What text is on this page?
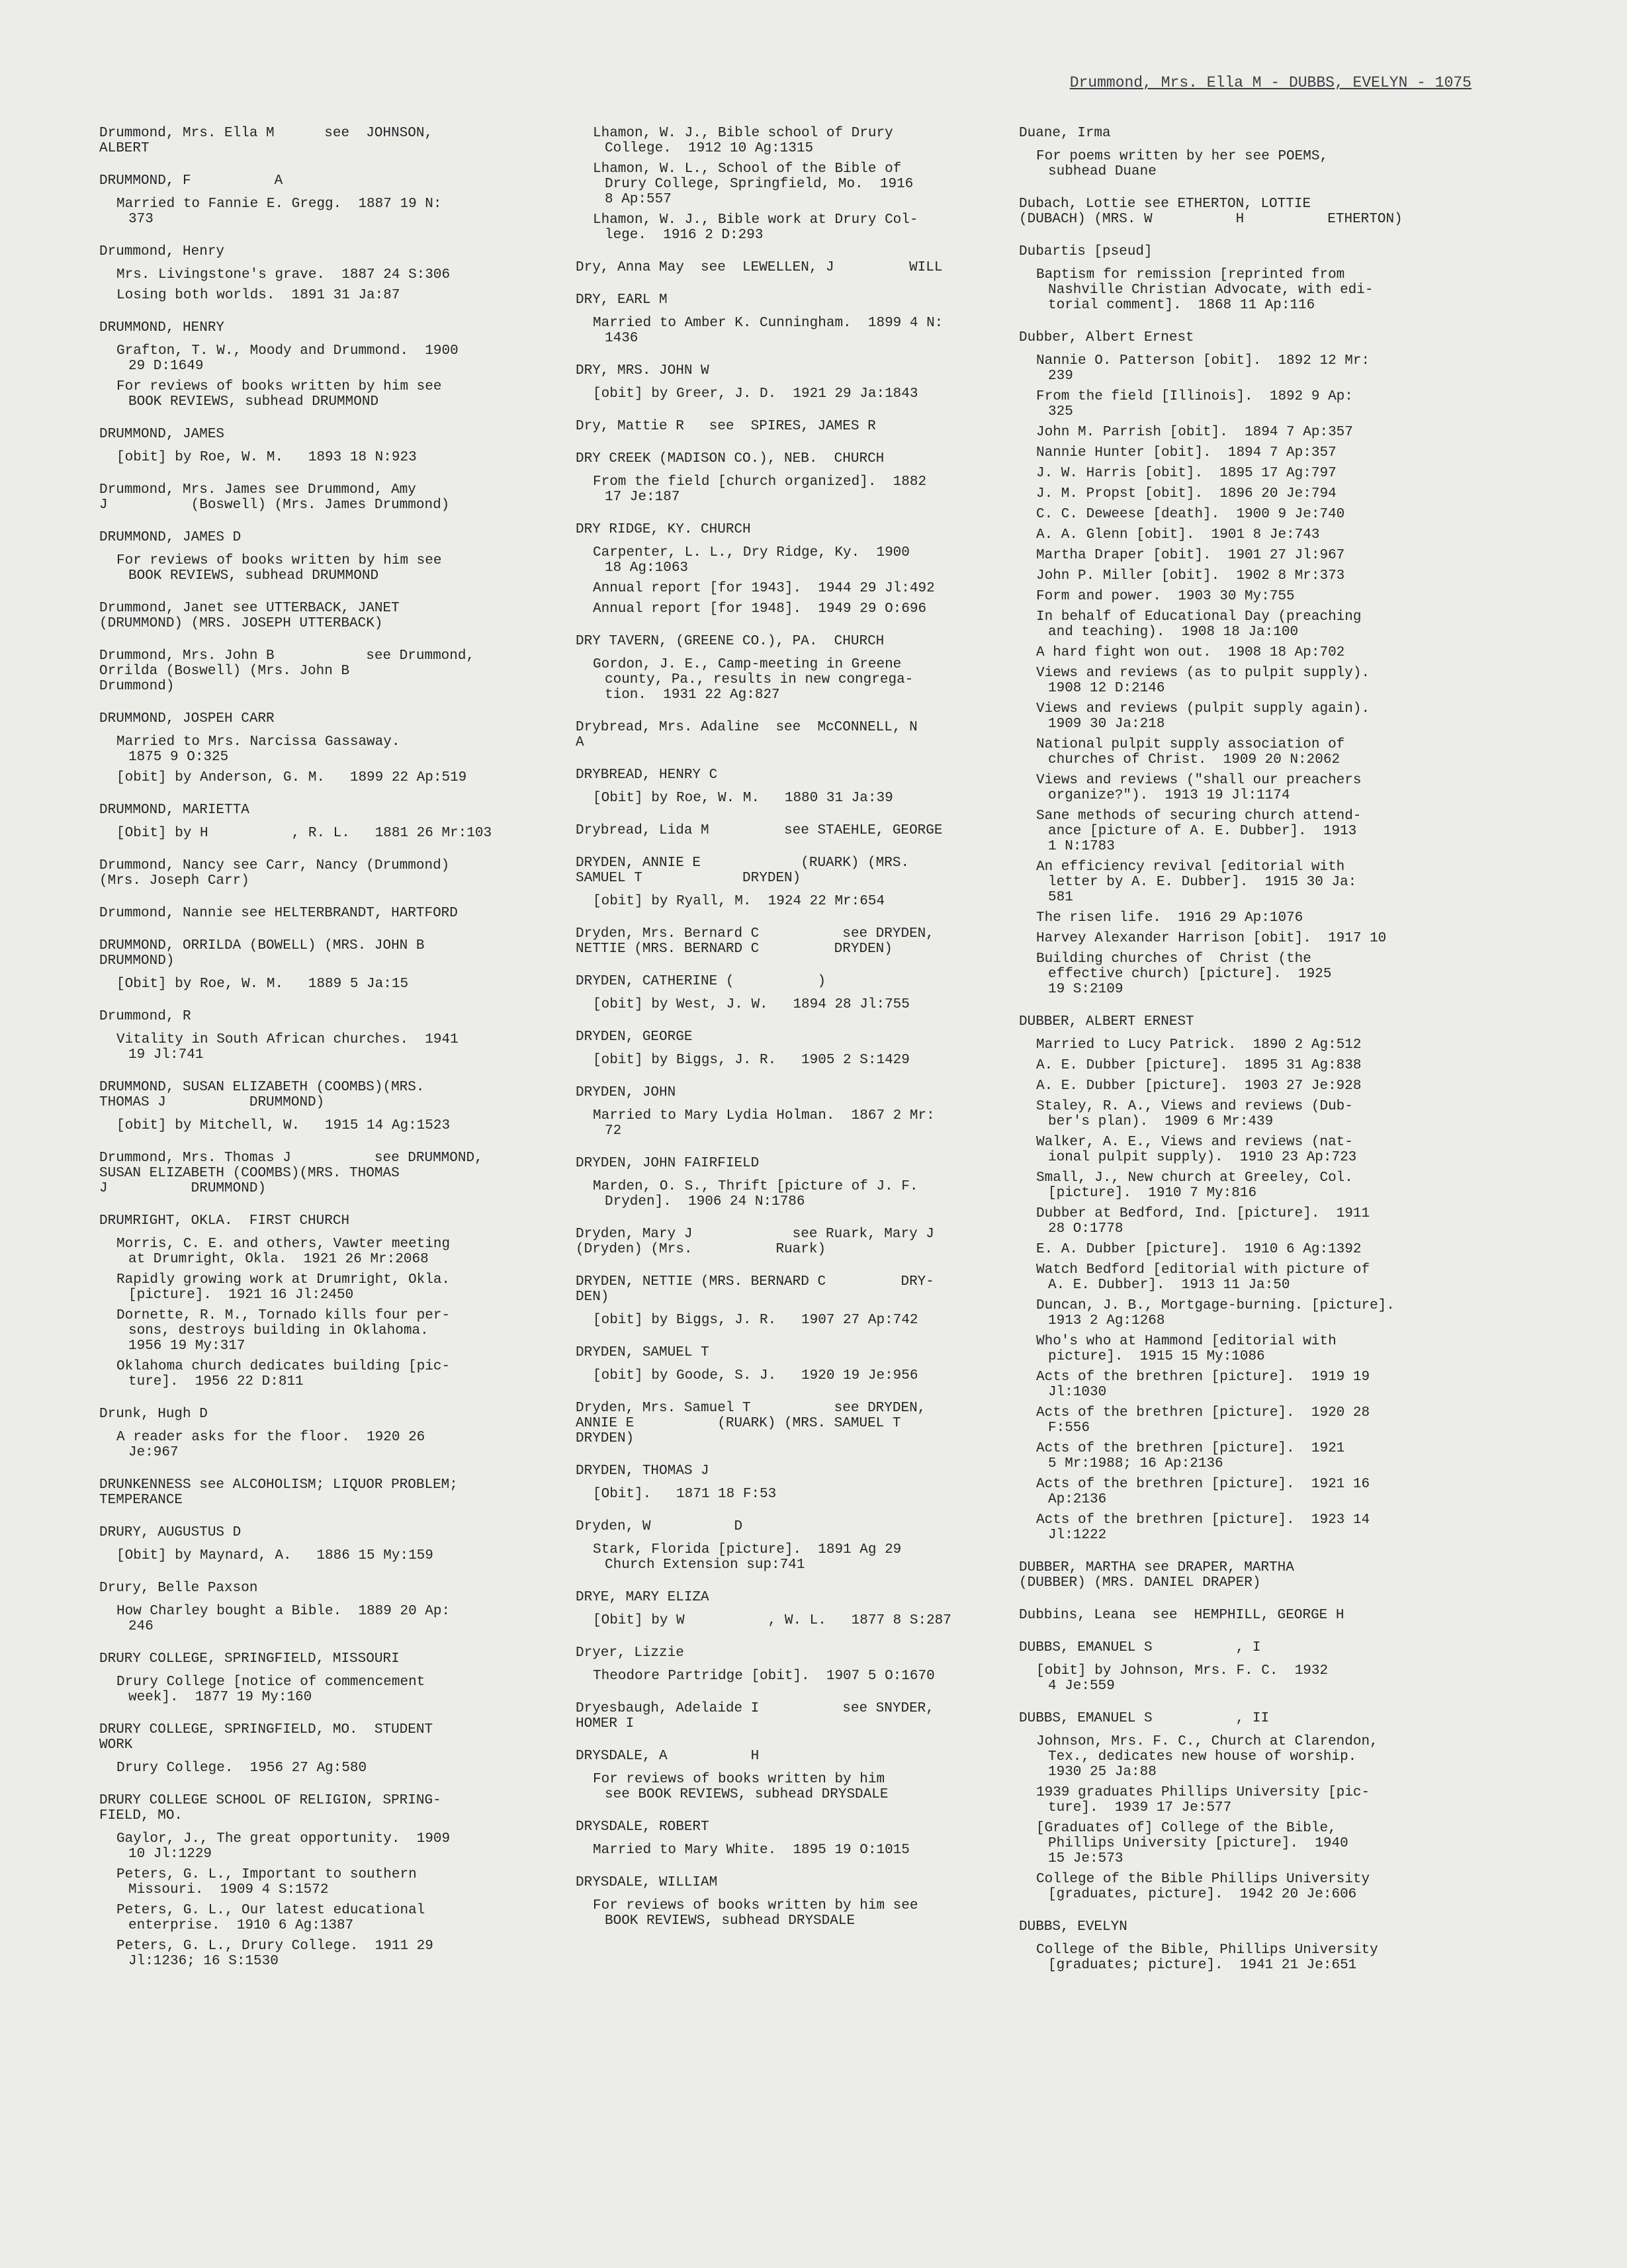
Drummond, Mrs. Ella M - DUBBS, EVELYN - 1075
Drummond, Mrs. Ella M      see  JOHNSON,
ALBERT
DRUMMOND, F          A
Married to Fannie E. Gregg.  1887 19 N:
373
Drummond, Henry
Mrs. Livingstone's grave.  1887 24 S:306
Losing both worlds.  1891 31 Ja:87
DRUMMOND, HENRY
Grafton, T. W., Moody and Drummond.  1900
29 D:1649
For reviews of books written by him see
BOOK REVIEWS, subhead DRUMMOND
DRUMMOND, JAMES
[obit] by Roe, W. M.   1893 18 N:923
Drummond, Mrs. James see Drummond, Amy
J          (Boswell) (Mrs. James Drummond)
DRUMMOND, JAMES D
For reviews of books written by him see
BOOK REVIEWS, subhead DRUMMOND
Drummond, Janet see UTTERBACK, JANET
(DRUMMOND) (MRS. JOSEPH UTTERBACK)
Drummond, Mrs. John B           see Drummond,
Orrilda (Boswell) (Mrs. John B
Drummond)
DRUMMOND, JOSPEH CARR
Married to Mrs. Narcissa Gassaway.
1875 9 O:325
[obit] by Anderson, G. M.   1899 22 Ap:519
DRUMMOND, MARIETTA
[Obit] by H          , R. L.   1881 26 Mr:103
Drummond, Nancy see Carr, Nancy (Drummond)
(Mrs. Joseph Carr)
Drummond, Nannie see HELTERBRANDT, HARTFORD
DRUMMOND, ORRILDA (BOWELL) (MRS. JOHN B
DRUMMOND)
[Obit] by Roe, W. M.   1889 5 Ja:15
Drummond, R
Vitality in South African churches.  1941
19 Jl:741
DRUMMOND, SUSAN ELIZABETH (COOMBS)(MRS.
THOMAS J          DRUMMOND)
[obit] by Mitchell, W.   1915 14 Ag:1523
Drummond, Mrs. Thomas J          see DRUMMOND,
SUSAN ELIZABETH (COOMBS)(MRS. THOMAS
J          DRUMMOND)
DRUMRIGHT, OKLA.  FIRST CHURCH
Morris, C. E. and others, Vawter meeting
at Drumright, Okla.  1921 26 Mr:2068
Rapidly growing work at Drumright, Okla.
[picture].  1921 16 Jl:2450
Dornette, R. M., Tornado kills four per-
sons, destroys building in Oklahoma.
1956 19 My:317
Oklahoma church dedicates building [pic-
ture].  1956 22 D:811
Drunk, Hugh D
A reader asks for the floor.  1920 26
Je:967
DRUNKENNESS see ALCOHOLISM; LIQUOR PROBLEM;
TEMPERANCE
DRURY, AUGUSTUS D
[Obit] by Maynard, A.   1886 15 My:159
Drury, Belle Paxson
How Charley bought a Bible.  1889 20 Ap:
246
DRURY COLLEGE, SPRINGFIELD, MISSOURI
Drury College [notice of commencement
week].  1877 19 My:160
DRURY COLLEGE, SPRINGFIELD, MO.  STUDENT
WORK
Drury College.  1956 27 Ag:580
DRURY COLLEGE SCHOOL OF RELIGION, SPRING-
FIELD, MO.
Gaylor, J., The great opportunity.  1909
10 Jl:1229
Peters, G. L., Important to southern
Missouri.  1909 4 S:1572
Peters, G. L., Our latest educational
enterprise.  1910 6 Ag:1387
Peters, G. L., Drury College.  1911 29
Jl:1236; 16 S:1530
Lhamon, W. J., Bible school of Drury
College.  1912 10 Ag:1315
Lhamon, W. L., School of the Bible of
Drury College, Springfield, Mo.  1916
8 Ap:557
Lhamon, W. J., Bible work at Drury Col-
lege.  1916 2 D:293
Dry, Anna May  see  LEWELLEN, J         WILL
DRY, EARL M
Married to Amber K. Cunningham.  1899 4 N:
1436
DRY, MRS. JOHN W
[obit] by Greer, J. D.  1921 29 Ja:1843
Dry, Mattie R   see  SPIRES, JAMES R
DRY CREEK (MADISON CO.), NEB.  CHURCH
From the field [church organized].  1882
17 Je:187
DRY RIDGE, KY. CHURCH
Carpenter, L. L., Dry Ridge, Ky.  1900
18 Ag:1063
Annual report [for 1943].  1944 29 Jl:492
Annual report [for 1948].  1949 29 O:696
DRY TAVERN, (GREENE CO.), PA.  CHURCH
Gordon, J. E., Camp-meeting in Greene
county, Pa., results in new congrega-
tion.  1931 22 Ag:827
Drybread, Mrs. Adaline  see  McCONNELL, N
A
DRYBREAD, HENRY C
[Obit] by Roe, W. M.   1880 31 Ja:39
Drybread, Lida M         see STAEHLE, GEORGE
DRYDEN, ANNIE E            (RUARK) (MRS.
SAMUEL T            DRYDEN)
[obit] by Ryall, M.  1924 22 Mr:654
Dryden, Mrs. Bernard C          see DRYDEN,
NETTIE (MRS. BERNARD C         DRYDEN)
DRYDEN, CATHERINE (          )
[obit] by West, J. W.   1894 28 Jl:755
DRYDEN, GEORGE
[obit] by Biggs, J. R.   1905 2 S:1429
DRYDEN, JOHN
Married to Mary Lydia Holman.  1867 2 Mr:
72
DRYDEN, JOHN FAIRFIELD
Marden, O. S., Thrift [picture of J. F.
Dryden].  1906 24 N:1786
Dryden, Mary J            see Ruark, Mary J
(Dryden) (Mrs.          Ruark)
DRYDEN, NETTIE (MRS. BERNARD C         DRY-
DEN)
[obit] by Biggs, J. R.   1907 27 Ap:742
DRYDEN, SAMUEL T
[obit] by Goode, S. J.   1920 19 Je:956
Dryden, Mrs. Samuel T          see DRYDEN,
ANNIE E          (RUARK) (MRS. SAMUEL T
DRYDEN)
DRYDEN, THOMAS J
[Obit].   1871 18 F:53
Dryden, W          D
Stark, Florida [picture].  1891 Ag 29
Church Extension sup:741
DRYE, MARY ELIZA
[Obit] by W          , W. L.   1877 8 S:287
Dryer, Lizzie
Theodore Partridge [obit].  1907 5 O:1670
Dryesbaugh, Adelaide I          see SNYDER,
HOMER I
DRYSDALE, A          H
For reviews of books written by him
see BOOK REVIEWS, subhead DRYSDALE
DRYSDALE, ROBERT
Married to Mary White.  1895 19 O:1015
DRYSDALE, WILLIAM
For reviews of books written by him see
BOOK REVIEWS, subhead DRYSDALE
Duane, Irma
For poems written by her see POEMS,
subhead Duane
Dubach, Lottie see ETHERTON, LOTTIE
(DUBACH) (MRS. W          H          ETHERTON)
Dubartis [pseud]
Baptism for remission [reprinted from
Nashville Christian Advocate, with edi-
torial comment].  1868 11 Ap:116
Dubber, Albert Ernest
Nannie O. Patterson [obit].  1892 12 Mr:
239
From the field [Illinois].  1892 9 Ap:
325
John M. Parrish [obit].  1894 7 Ap:357
Nannie Hunter [obit].  1894 7 Ap:357
J. W. Harris [obit].  1895 17 Ag:797
J. M. Propst [obit].  1896 20 Je:794
C. C. Deweese [death].  1900 9 Je:740
A. A. Glenn [obit].  1901 8 Je:743
Martha Draper [obit].  1901 27 Jl:967
John P. Miller [obit].  1902 8 Mr:373
Form and power.  1903 30 My:755
In behalf of Educational Day (preaching
and teaching).  1908 18 Ja:100
A hard fight won out.  1908 18 Ap:702
Views and reviews (as to pulpit supply).
1908 12 D:2146
Views and reviews (pulpit supply again).
1909 30 Ja:218
National pulpit supply association of
churches of Christ.  1909 20 N:2062
Views and reviews ("shall our preachers
organize?").  1913 19 Jl:1174
Sane methods of securing church attend-
ance [picture of A. E. Dubber].  1913
1 N:1783
An efficiency revival [editorial with
letter by A. E. Dubber].  1915 30 Ja:
581
The risen life.  1916 29 Ap:1076
Harvey Alexander Harrison [obit].  1917 10
Building churches of  Christ (the
effective church) [picture].  1925
19 S:2109
DUBBER, ALBERT ERNEST
Married to Lucy Patrick.  1890 2 Ag:512
A. E. Dubber [picture].  1895 31 Ag:838
A. E. Dubber [picture].  1903 27 Je:928
Staley, R. A., Views and reviews (Dub-
ber's plan).  1909 6 Mr:439
Walker, A. E., Views and reviews (nat-
ional pulpit supply).  1910 23 Ap:723
Small, J., New church at Greeley, Col.
[picture].  1910 7 My:816
Dubber at Bedford, Ind. [picture].  1911
28 O:1778
E. A. Dubber [picture].  1910 6 Ag:1392
Watch Bedford [editorial with picture of
A. E. Dubber].  1913 11 Ja:50
Duncan, J. B., Mortgage-burning. [picture].
1913 2 Ag:1268
Who's who at Hammond [editorial with
picture].  1915 15 My:1086
Acts of the brethren [picture].  1919 19
Jl:1030
Acts of the brethren [picture].  1920 28
F:556
Acts of the brethren [picture].  1921
5 Mr:1988; 16 Ap:2136
Acts of the brethren [picture].  1921 16
Ap:2136
Acts of the brethren [picture].  1923 14
Jl:1222
DUBBER, MARTHA see DRAPER, MARTHA
(DUBBER) (MRS. DANIEL DRAPER)
Dubbins, Leana  see  HEMPHILL, GEORGE H
DUBBS, EMANUEL S          , I
[obit] by Johnson, Mrs. F. C.  1932
4 Je:559
DUBBS, EMANUEL S          , II
Johnson, Mrs. F. C., Church at Clarendon,
Tex., dedicates new house of worship.
1930 25 Ja:88
1939 graduates Phillips University [pic-
ture].  1939 17 Je:577
[Graduates of] College of the Bible,
Phillips University [picture].  1940
15 Je:573
College of the Bible Phillips University
[graduates, picture].  1942 20 Je:606
DUBBS, EVELYN
College of the Bible, Phillips University
[graduates; picture].  1941 21 Je:651
